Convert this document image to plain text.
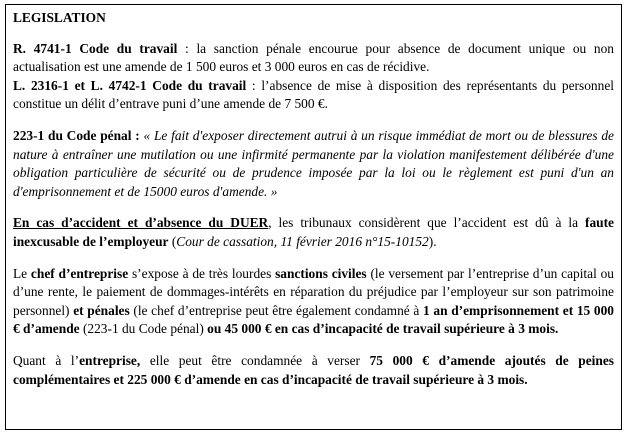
LEGISLATION

R. 4741-1 Code du travail : la sanction pénale encourue pour absence de document unique ou non actualisation est une amende de 1 500 euros et 3 000 euros en cas de récidive.

L. 2316-1 et L. 4742-1 Code du travail : l’absence de mise à disposition des représentants du personnel constitue un délit d’entrave puni d’une amende de 7 500 €.

223-1 du Code pénal : « Le fait d'exposer directement autrui à un risque immédiat de mort ou de blessures de nature à entraîner une mutilation ou une infirmité permanente par la violation manifestement délibérée d'une obligation particulière de sécurité ou de prudence imposée par la loi ou le règlement est puni d'un an d'emprisonnement et de 15000 euros d'amende. »

En cas d’accident et d’absence du DUER, les tribunaux considèrent que l’accident est dû à la faute inexcusable de l’employeur (Cour de cassation, 11 février 2016 n°15-10152).

Le chef d’entreprise s’expose à de très lourdes sanctions civiles (le versement par l’entreprise d’un capital ou d’une rente, le paiement de dommages-intérêts en réparation du préjudice par l’employeur sur son patrimoine personnel) et pénales (le chef d’entreprise peut être également condamné à 1 an d’emprisonnement et 15 000 € d’amende (223-1 du Code pénal) ou 45 000 € en cas d’incapacité de travail supérieure à 3 mois.

Quant à l’entreprise, elle peut être condamnée à verser 75 000 € d’amende ajoutés de peines complémentaires et 225 000 € d’amende en cas d’incapacité de travail supérieure à 3 mois.
